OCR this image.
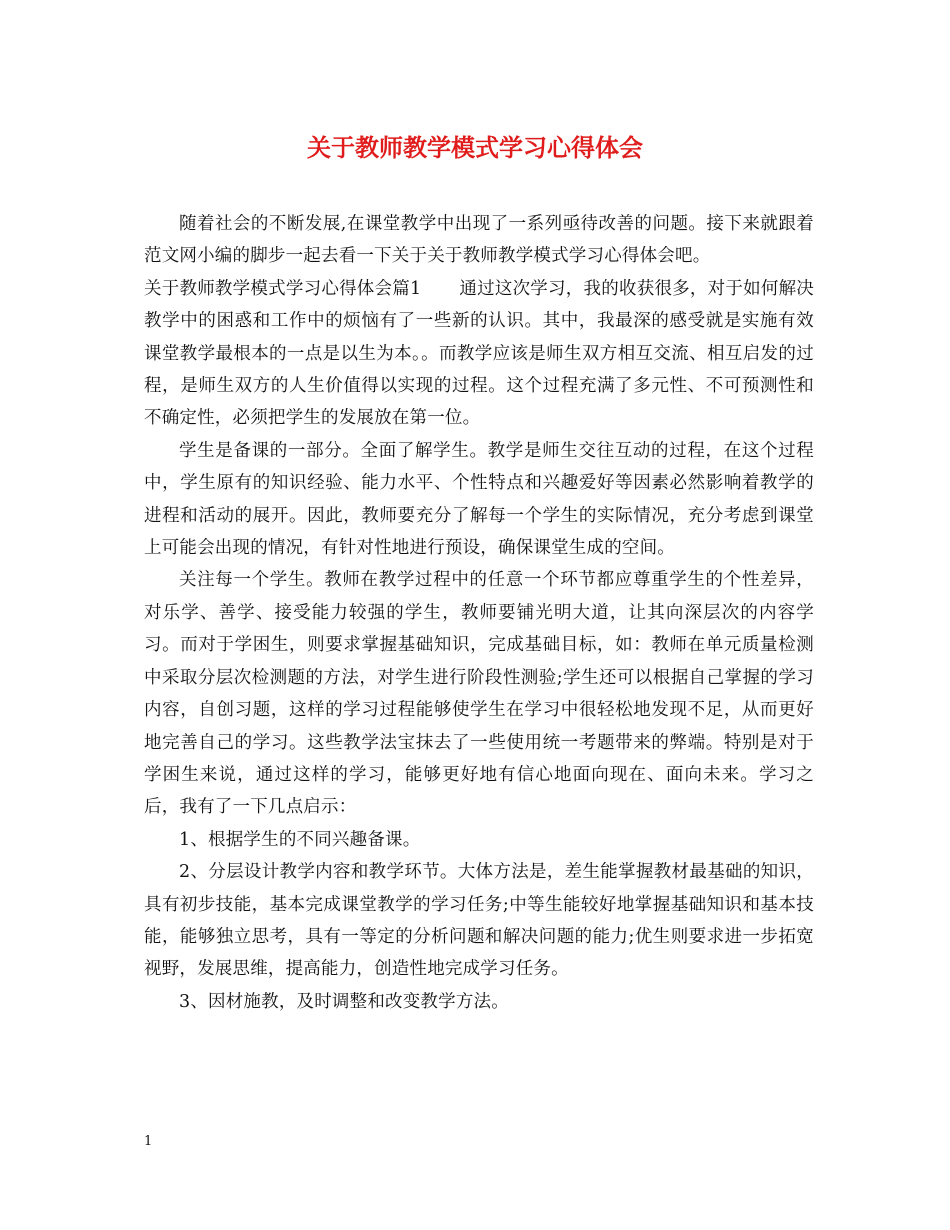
关于教师教学模式学习心得体会

随着社会的不断发展,在课堂教学中出现了一系列亟待改善的问题。接下来就跟着范文网小编的脚步一起去看一下关于关于教师教学模式学习心得体会吧。

关于教师教学模式学习心得体会篇1 通过这次学习，我的收获很多，对于如何解决教学中的困惑和工作中的烦恼有了一些新的认识。其中，我最深的感受就是实施有效课堂教学最根本的一点是以生为本。。而教学应该是师生双方相互交流、相互启发的过程，是师生双方的人生价值得以实现的过程。这个过程充满了多元性、不可预测性和不确定性，必须把学生的发展放在第一位。

学生是备课的一部分。全面了解学生。教学是师生交往互动的过程，在这个过程中，学生原有的知识经验、能力水平、个性特点和兴趣爱好等因素必然影响着教学的进程和活动的展开。因此，教师要充分了解每一个学生的实际情况，充分考虑到课堂上可能会出现的情况，有针对性地进行预设，确保课堂生成的空间。

关注每一个学生。教师在教学过程中的任意一个环节都应尊重学生的个性差异，对乐学、善学、接受能力较强的学生，教师要铺光明大道，让其向深层次的内容学习。而对于学困生，则要求掌握基础知识，完成基础目标，如：教师在单元质量检测中采取分层次检测题的方法，对学生进行阶段性测验;学生还可以根据自己掌握的学习内容，自创习题，这样的学习过程能够使学生在学习中很轻松地发现不足，从而更好地完善自己的学习。这些教学法宝抹去了一些使用统一考题带来的弊端。特别是对于学困生来说，通过这样的学习，能够更好地有信心地面向现在、面向未来。学习之后，我有了一下几点启示：

1、根据学生的不同兴趣备课。

2、分层设计教学内容和教学环节。大体方法是，差生能掌握教材最基础的知识，具有初步技能，基本完成课堂教学的学习任务;中等生能较好地掌握基础知识和基本技能，能够独立思考，具有一等定的分析问题和解决问题的能力;优生则要求进一步拓宽视野，发展思维，提高能力，创造性地完成学习任务。

3、因材施教，及时调整和改变教学方法。

1
